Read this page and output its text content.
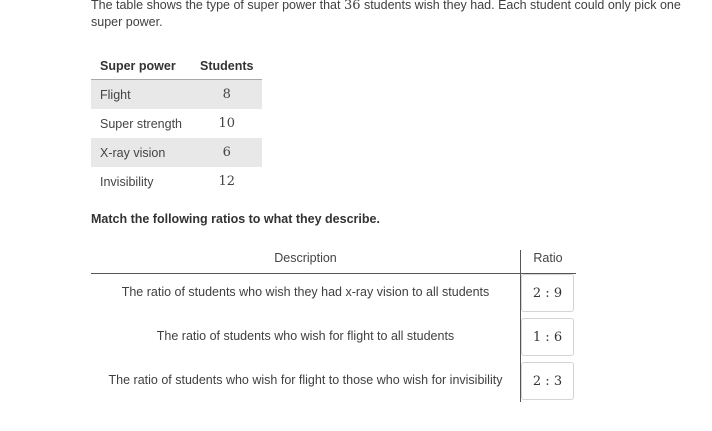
The table shows the type of super power that 36 students wish they had. Each student could only pick one super power.
Super power	Students
Flight	8
Super strength	10
X-ray vision	6
Invisibility	12
Match the following ratios to what they describe.
Description	Ratio
The ratio of students who wish they had x-ray vision to all students	2 : 9
The ratio of students who wish for flight to all students	1 : 6
The ratio of students who wish for flight to those who wish for invisibility	2 : 3
